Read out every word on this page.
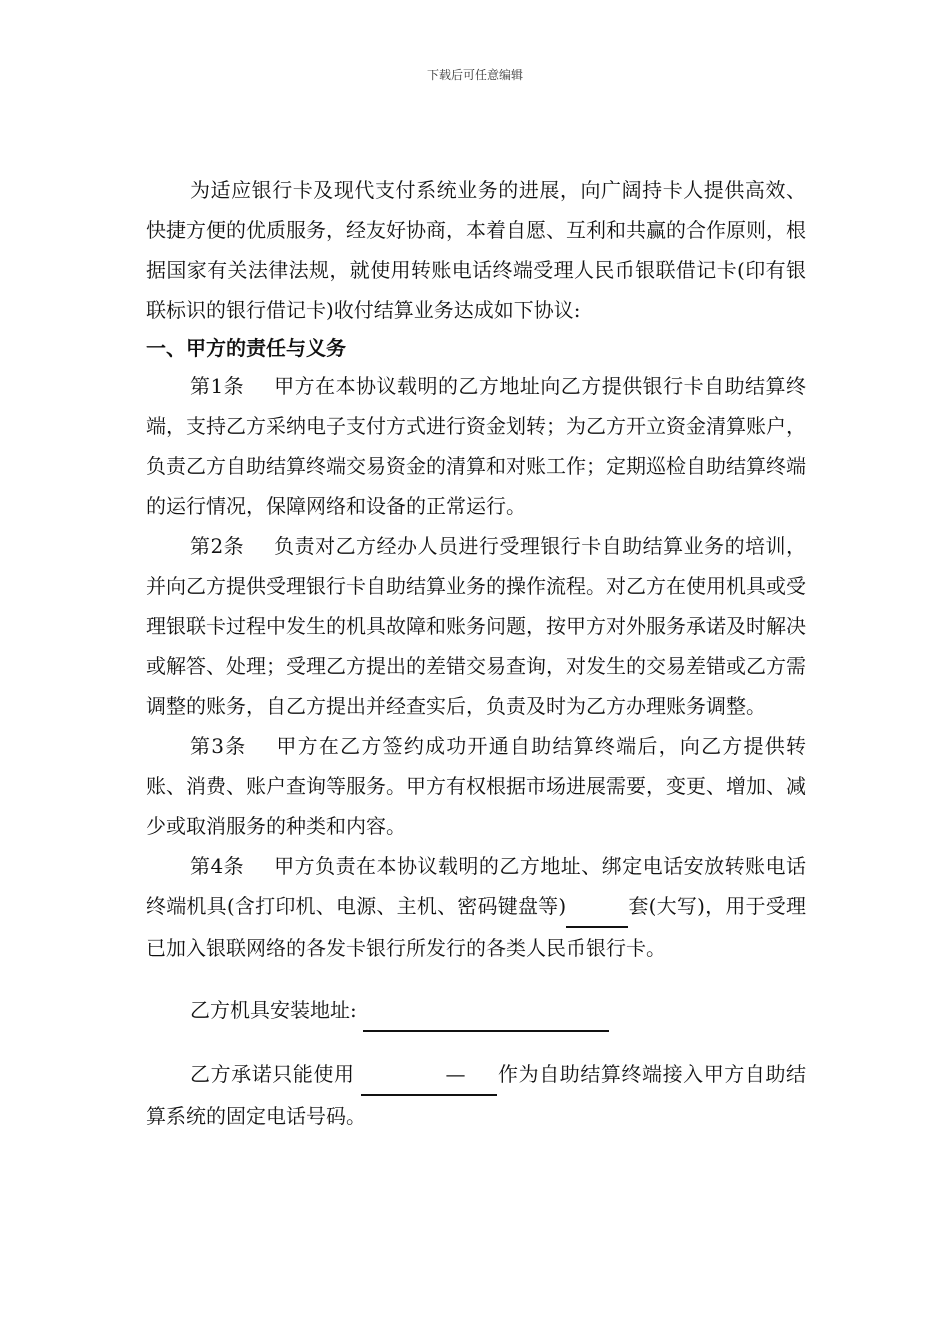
下载后可任意编辑

为适应银行卡及现代支付系统业务的进展，向广阔持卡人提供高效、快捷方便的优质服务，经友好协商，本着自愿、互利和共赢的合作原则，根据国家有关法律法规，就使用转账电话终端受理人民币银联借记卡(印有银联标识的银行借记卡)收付结算业务达成如下协议:

一、甲方的责任与义务

第1条 甲方在本协议载明的乙方地址向乙方提供银行卡自助结算终端，支持乙方采纳电子支付方式进行资金划转；为乙方开立资金清算账户，负责乙方自助结算终端交易资金的清算和对账工作；定期巡检自助结算终端的运行情况，保障网络和设备的正常运行。

第2条 负责对乙方经办人员进行受理银行卡自助结算业务的培训，并向乙方提供受理银行卡自助结算业务的操作流程。对乙方在使用机具或受理银联卡过程中发生的机具故障和账务问题，按甲方对外服务承诺及时解决或解答、处理；受理乙方提出的差错交易查询，对发生的交易差错或乙方需调整的账务，自乙方提出并经查实后，负责及时为乙方办理账务调整。

第3条 甲方在乙方签约成功开通自助结算终端后，向乙方提供转账、消费、账户查询等服务。甲方有权根据市场进展需要，变更、增加、减少或取消服务的种类和内容。

第4条 甲方负责在本协议载明的乙方地址、绑定电话安放转账电话终端机具(含打印机、电源、主机、密码键盘等)	套(大写)，用于受理已加入银联网络的各发卡银行所发行的各类人民币银行卡。

乙方机具安装地址:

乙方承诺只能使用	— 作为自助结算终端接入甲方自助结算系统的固定电话号码。
